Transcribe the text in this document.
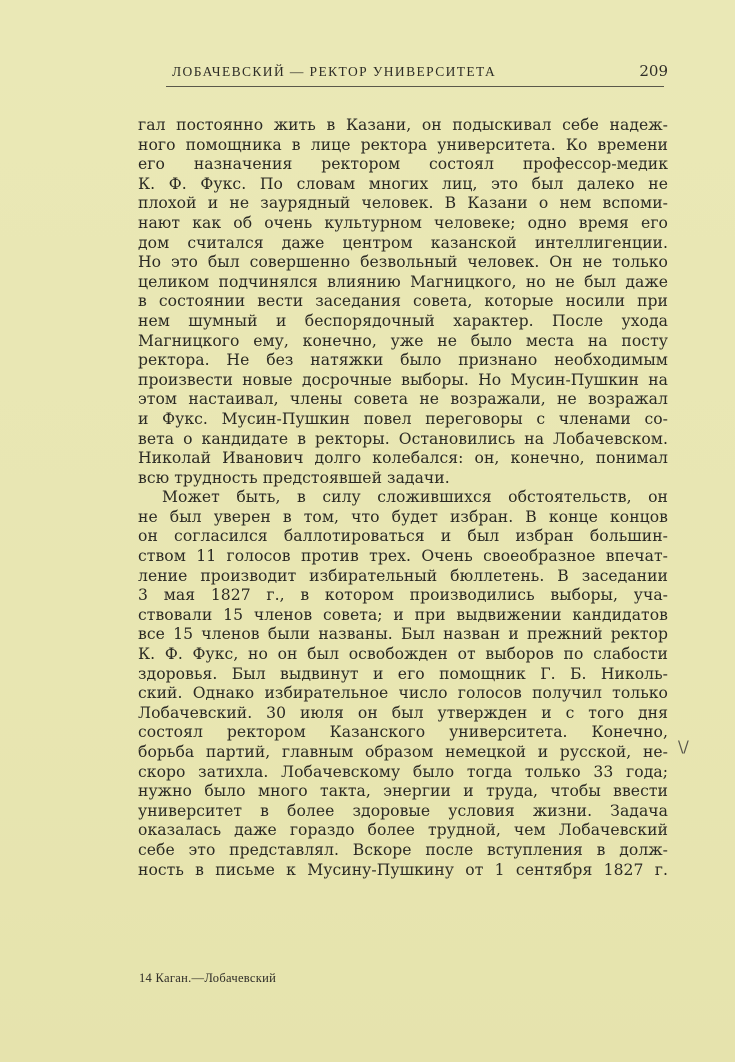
ЛОБАЧЕВСКИЙ — РЕКТОР УНИВЕРСИТЕТА	209
гал постоянно жить в Казани, он подыскивал себе надеж-
ного помощника в лице ректора университета. Ко времени
его назначения ректором состоял профессор-медик
К. Ф. Фукс. По словам многих лиц, это был далеко не
плохой и не заурядный человек. В Казани о нем вспоми-
нают как об очень культурном человеке; одно время его
дом считался даже центром казанской интеллигенции.
Но это был совершенно безвольный человек. Он не только
целиком подчинялся влиянию Магницкого, но не был даже
в состоянии вести заседания совета, которые носили при
нем шумный и беспорядочный характер. После ухода
Магницкого ему, конечно, уже не было места на посту
ректора. Не без натяжки было признано необходимым
произвести новые досрочные выборы. Но Мусин-Пушкин на
этом настаивал, члены совета не возражали, не возражал
и Фукс. Мусин-Пушкин повел переговоры с членами со-
вета о кандидате в ректоры. Остановились на Лобачевском.
Николай Иванович долго колебался: он, конечно, понимал
всю трудность предстоявшей задачи.
Может быть, в силу сложившихся обстоятельств, он
не был уверен в том, что будет избран. В конце концов
он согласился баллотироваться и был избран большин-
ством 11 голосов против трех. Очень своеобразное впечат-
ление производит избирательный бюллетень. В заседании
3 мая 1827 г., в котором производились выборы, уча-
ствовали 15 членов совета; и при выдвижении кандидатов
все 15 членов были названы. Был назван и прежний ректор
К. Ф. Фукс, но он был освобожден от выборов по слабости
здоровья. Был выдвинут и его помощник Г. Б. Николь-
ский. Однако избирательное число голосов получил только
Лобачевский. 30 июля он был утвержден и с того дня
состоял ректором Казанского университета. Конечно,
борьба партий, главным образом немецкой и русской, не-
скоро затихла. Лобачевскому было тогда только 33 года;
нужно было много такта, энергии и труда, чтобы ввести
университет в более здоровые условия жизни. Задача
оказалась даже гораздо более трудной, чем Лобачевский
себе это представлял. Вскоре после вступления в долж-
ность в письме к Мусину-Пушкину от 1 сентября 1827 г.
\/
14 Каган.—Лобачевский
